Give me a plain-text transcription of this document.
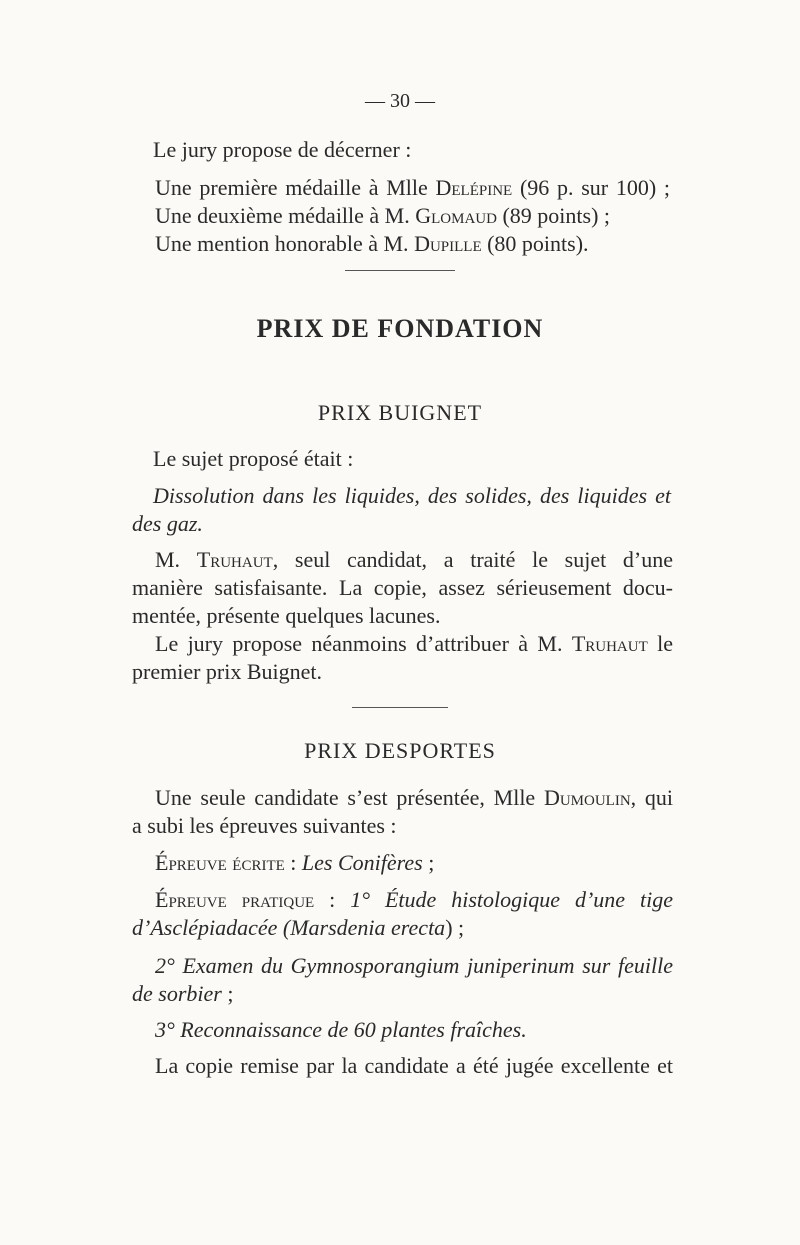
— 30 —

Le jury propose de décerner :

Une première médaille à Mlle Delépine (96 p. sur 100) ;

Une deuxième médaille à M. Glomaud (89 points) ;

Une mention honorable à M. Dupille (80 points).

PRIX DE FONDATION
PRIX BUIGNET

Le sujet proposé était :

Dissolution dans les liquides, des solides, des liquides et

des gaz.

M. Truhaut, seul candidat, a traité le sujet d’une

manière satisfaisante. La copie, assez sérieusement docu-

mentée, présente quelques lacunes.

Le jury propose néanmoins d’attribuer à M. Truhaut le

premier prix Buignet.

PRIX DESPORTES

Une seule candidate s’est présentée, Mlle Dumoulin, qui

a subi les épreuves suivantes :

Épreuve écrite : Les Conifères ;

Épreuve pratique : 1° Étude histologique d’une tige

d’Asclépiadacée (Marsdenia erecta) ;

2° Examen du Gymnosporangium juniperinum sur feuille

de sorbier ;

3° Reconnaissance de 60 plantes fraîches.

La copie remise par la candidate a été jugée excellente et
